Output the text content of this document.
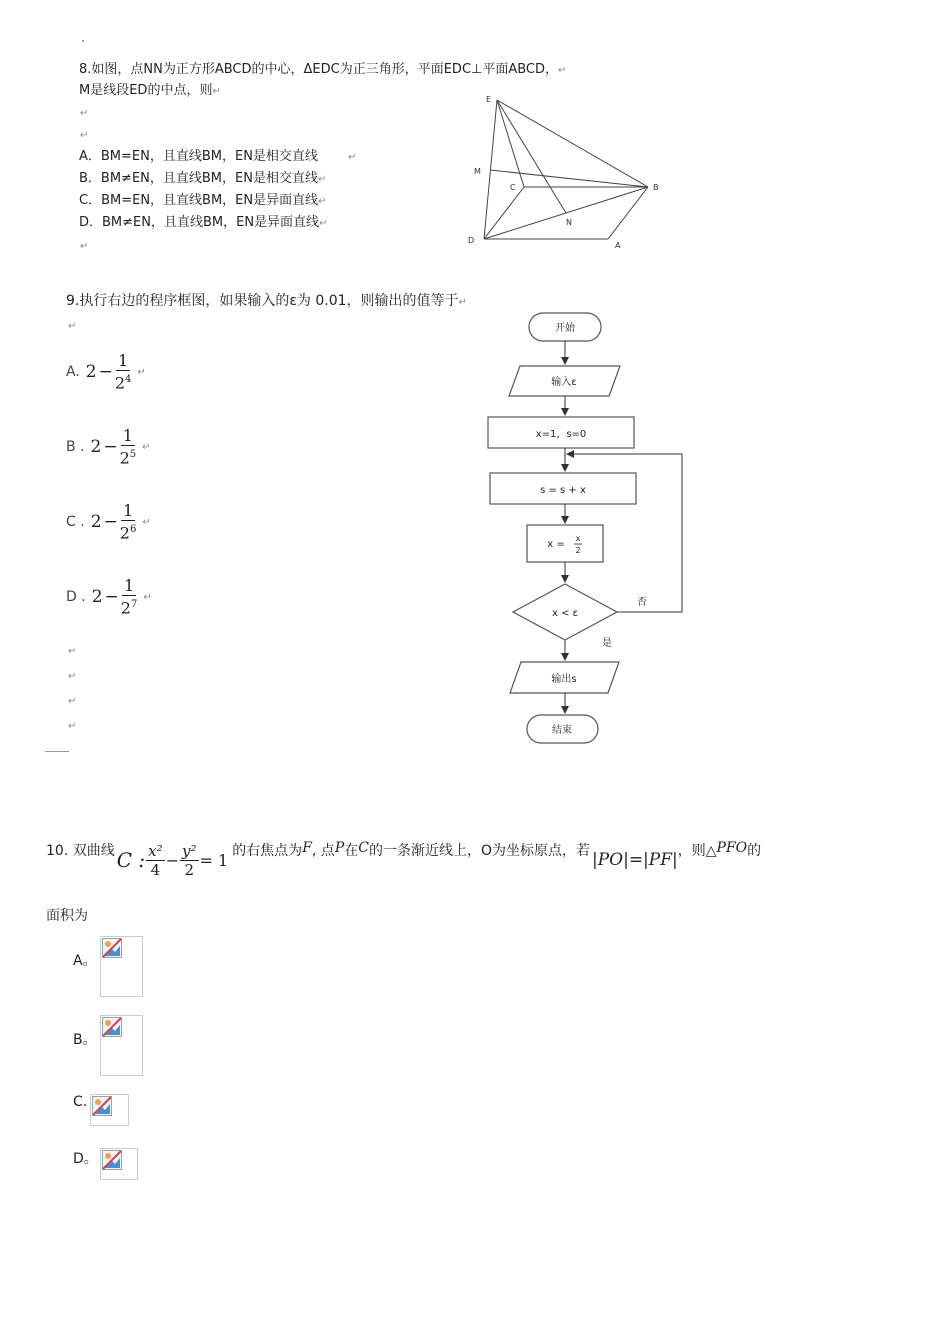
8.如图，点NN为正方形ABCD的中心，ΔEDC为正三角形，平面EDC⊥平面ABCD，↵
M是线段ED的中点，则↵
↵
↵
A．BM=EN，且直线BM，EN是相交直线	↵
B．BM≠EN，且直线BM，EN是相交直线↵
C．BM=EN，且直线BM，EN是异面直线↵
D．BM≠EN，且直线BM，EN是异面直线↵
↵
E
M
C	B
N
D
A
9.执行右边的程序框图，如果输入的ε为 0.01，则输出的值等于↵
↵
A. $2 - \frac{1}{2^4}$ ↵
B . $2 - \frac{1}{2^5}$ ↵
C . $2 - \frac{1}{2^6}$ ↵
D . $2 - \frac{1}{2^7}$ ↵
↵
↵
↵
↵
开始
输入ε
x=1，s=0
s = s + x
x =
x
2
x < ε
否
是
输出s
结束
10. 双曲线 C : $\frac{\text{x²}}{4} - \frac{\text{y²}}{2} = 1$ 的右焦点为 F , 点 P 在 C 的一条渐近线上，O为坐标原点，若 |PO|=|PF| ，则△ PFO 的
面积为
A。
B。
C.
D。
